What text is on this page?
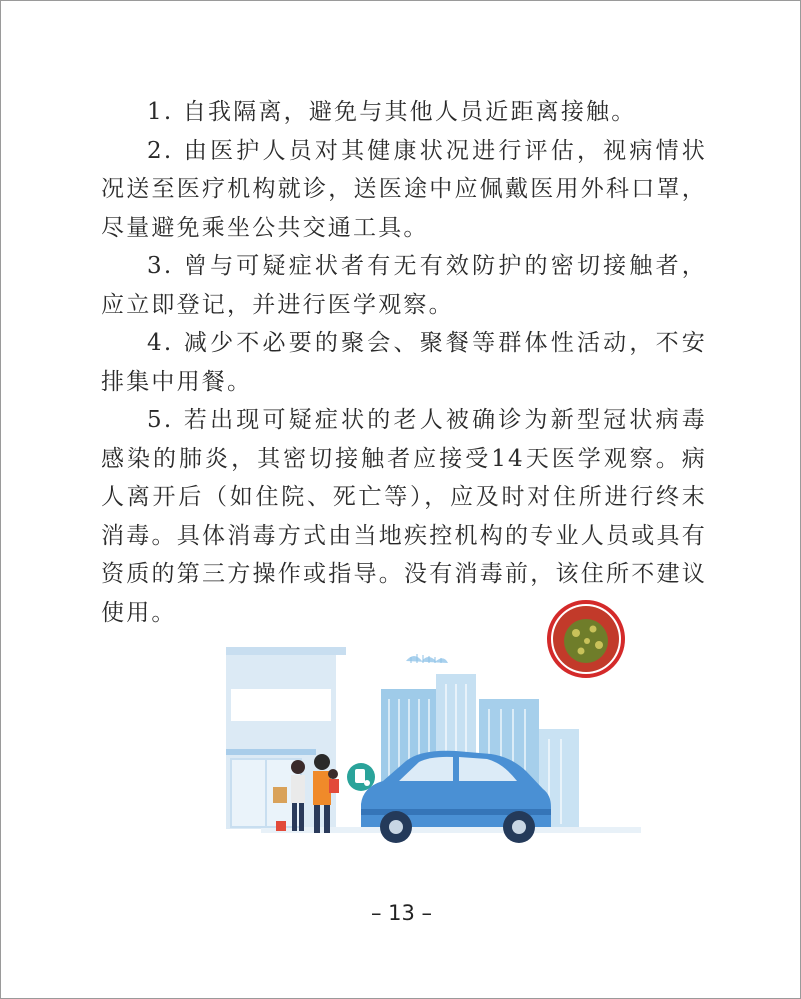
1. 自我隔离，避免与其他人员近距离接触。

2. 由医护人员对其健康状况进行评估，视病情状况送至医疗机构就诊，送医途中应佩戴医用外科口罩，尽量避免乘坐公共交通工具。

3. 曾与可疑症状者有无有效防护的密切接触者，应立即登记，并进行医学观察。

4. 减少不必要的聚会、聚餐等群体性活动，不安排集中用餐。

5. 若出现可疑症状的老人被确诊为新型冠状病毒感染的肺炎，其密切接触者应接受14天医学观察。病人离开后（如住院、死亡等），应及时对住所进行终末消毒。具体消毒方式由当地疾控机构的专业人员或具有资质的第三方操作或指导。没有消毒前，该住所不建议使用。

– 13 –
